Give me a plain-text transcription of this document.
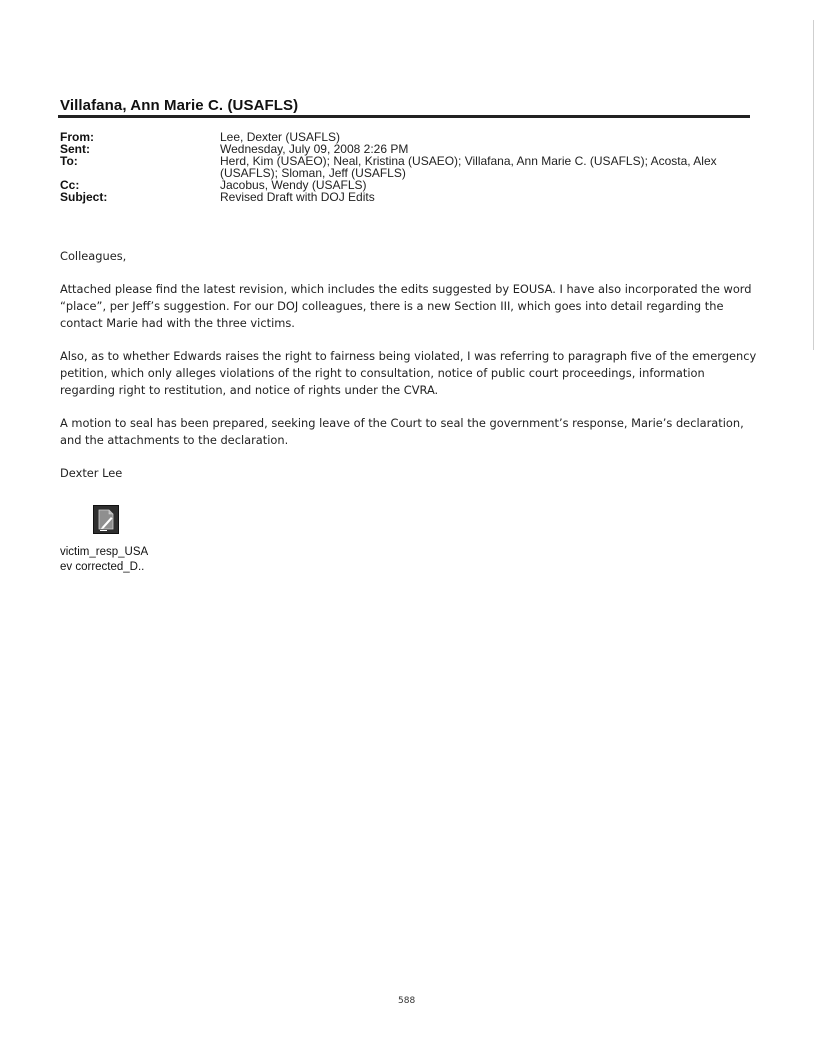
Villafana, Ann Marie C. (USAFLS)
From:	Lee, Dexter (USAFLS)
Sent:	Wednesday, July 09, 2008 2:26 PM
To:	Herd, Kim (USAEO); Neal, Kristina (USAEO); Villafana, Ann Marie C. (USAFLS); Acosta, Alex (USAFLS); Sloman, Jeff (USAFLS)
Cc:	Jacobus, Wendy (USAFLS)
Subject:	Revised Draft with DOJ Edits

Colleagues,

Attached please find the latest revision, which includes the edits suggested by EOUSA. I have also incorporated the word “place”, per Jeff’s suggestion. For our DOJ colleagues, there is a new Section III, which goes into detail regarding the contact Marie had with the three victims.

Also, as to whether Edwards raises the right to fairness being violated, I was referring to paragraph five of the emergency petition, which only alleges violations of the right to consultation, notice of public court proceedings, information regarding right to restitution, and notice of rights under the CVRA.

A motion to seal has been prepared, seeking leave of the Court to seal the government’s response, Marie’s declaration, and the attachments to the declaration.

Dexter Lee

victim_resp_USA
ev corrected_D..
588
